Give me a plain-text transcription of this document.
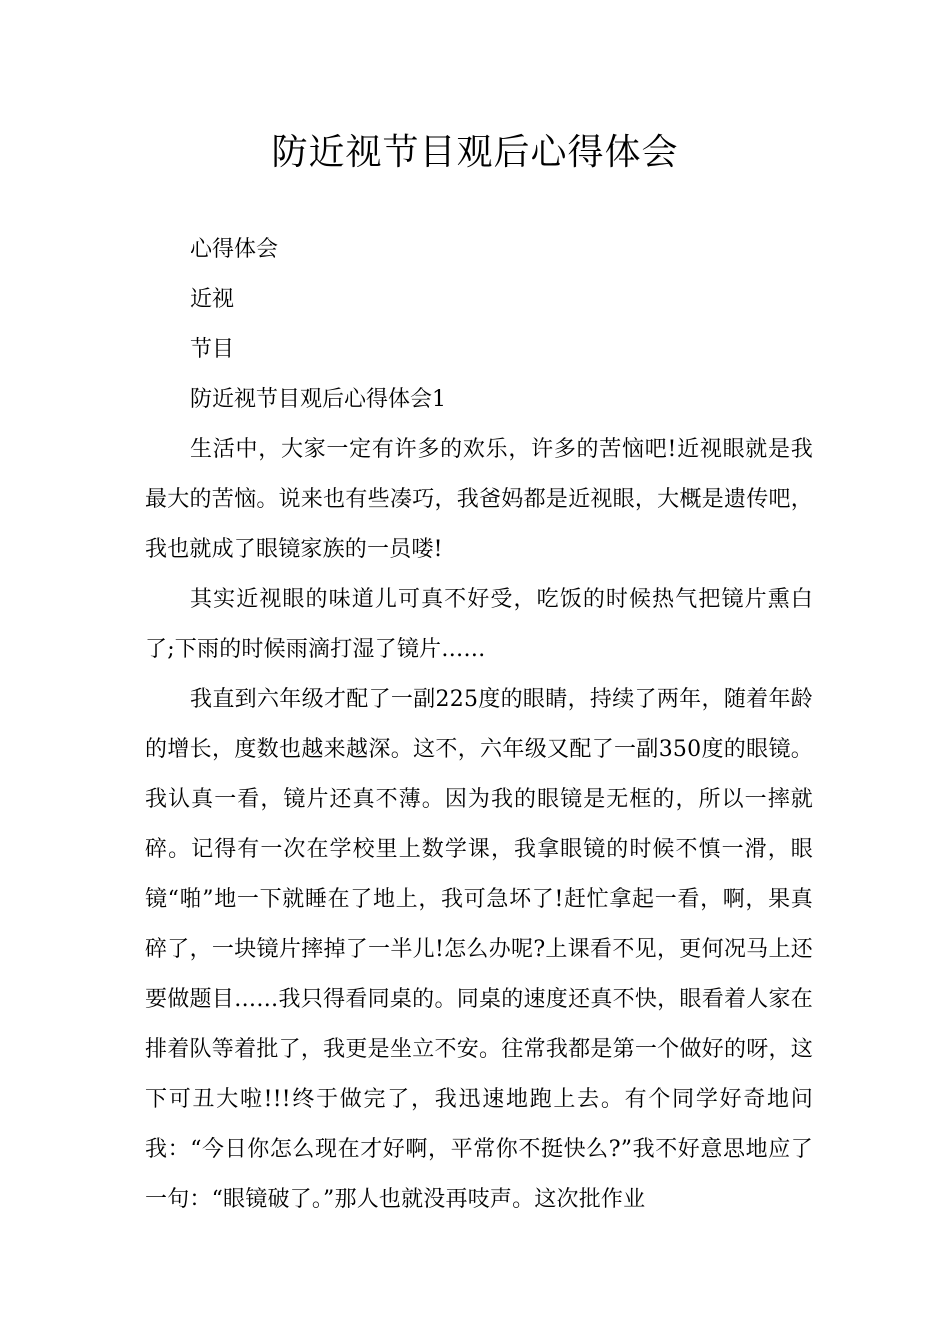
防近视节目观后心得体会

心得体会

近视

节目

防近视节目观后心得体会1

生活中，大家一定有许多的欢乐，许多的苦恼吧!近视眼就是我最大的苦恼。说来也有些凑巧，我爸妈都是近视眼，大概是遗传吧，我也就成了眼镜家族的一员喽!

其实近视眼的味道儿可真不好受，吃饭的时候热气把镜片熏白了;下雨的时候雨滴打湿了镜片……

我直到六年级才配了一副225度的眼睛，持续了两年，随着年龄的增长，度数也越来越深。这不，六年级又配了一副350度的眼镜。我认真一看，镜片还真不薄。因为我的眼镜是无框的，所以一摔就碎。记得有一次在学校里上数学课，我拿眼镜的时候不慎一滑，眼镜“啪”地一下就睡在了地上，我可急坏了!赶忙拿起一看，啊，果真碎了，一块镜片摔掉了一半儿!怎么办呢?上课看不见，更何况马上还要做题目……我只得看同桌的。同桌的速度还真不快，眼看着人家在排着队等着批了，我更是坐立不安。往常我都是第一个做好的呀，这下可丑大啦!!!终于做完了，我迅速地跑上去。有个同学好奇地问我：“今日你怎么现在才好啊，平常你不挺快么?”我不好意思地应了一句：“眼镜破了。”那人也就没再吱声。这次批作业
